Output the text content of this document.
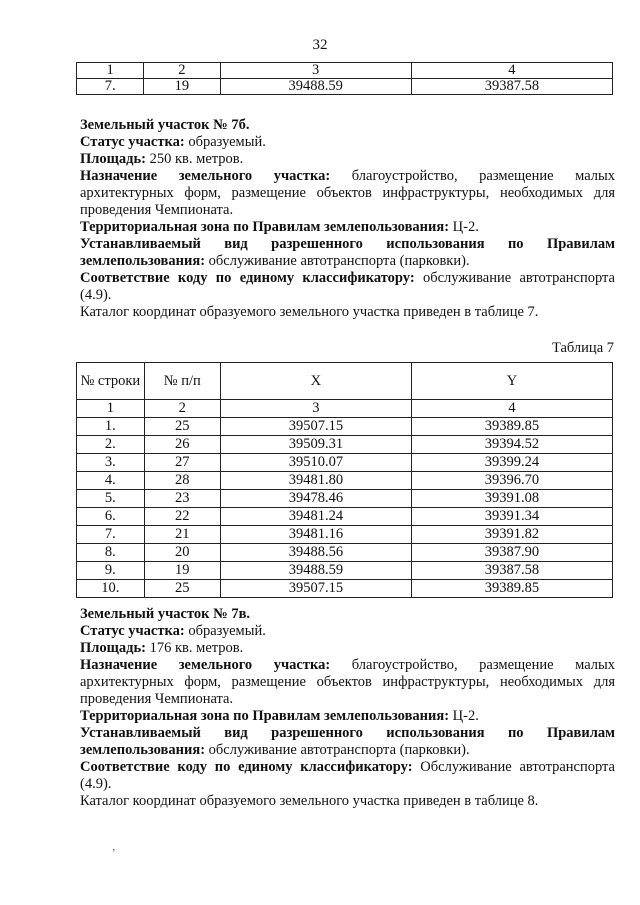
32
1	2	3	4
7.	19	39488.59	39387.58

Земельный участок № 7б.

Статус участка: образуемый.

Площадь: 250 кв. метров.

Назначение земельного участка: благоустройство, размещение малых архитектурных форм, размещение объектов инфраструктуры, необходимых для проведения Чемпионата.

Территориальная зона по Правилам землепользования: Ц-2.

Устанавливаемый вид разрешенного использования по Правилам землепользования: обслуживание автотранспорта (парковки).

Соответствие коду по единому классификатору: обслуживание автотранспорта (4.9).

Каталог координат образуемого земельного участка приведен в таблице 7.

Таблица 7
№ строки	№ п/п	X	Y
1	2	3	4
1.	25	39507.15	39389.85
2.	26	39509.31	39394.52
3.	27	39510.07	39399.24
4.	28	39481.80	39396.70
5.	23	39478.46	39391.08
6.	22	39481.24	39391.34
7.	21	39481.16	39391.82
8.	20	39488.56	39387.90
9.	19	39488.59	39387.58
10.	25	39507.15	39389.85

Земельный участок № 7в.

Статус участка: образуемый.

Площадь: 176 кв. метров.

Назначение земельного участка: благоустройство, размещение малых архитектурных форм, размещение объектов инфраструктуры, необходимых для проведения Чемпионата.

Территориальная зона по Правилам землепользования: Ц-2.

Устанавливаемый вид разрешенного использования по Правилам землепользования: обслуживание автотранспорта (парковки).

Соответствие коду по единому классификатору: Обслуживание автотранспорта (4.9).

Каталог координат образуемого земельного участка приведен в таблице 8.

ʼ
